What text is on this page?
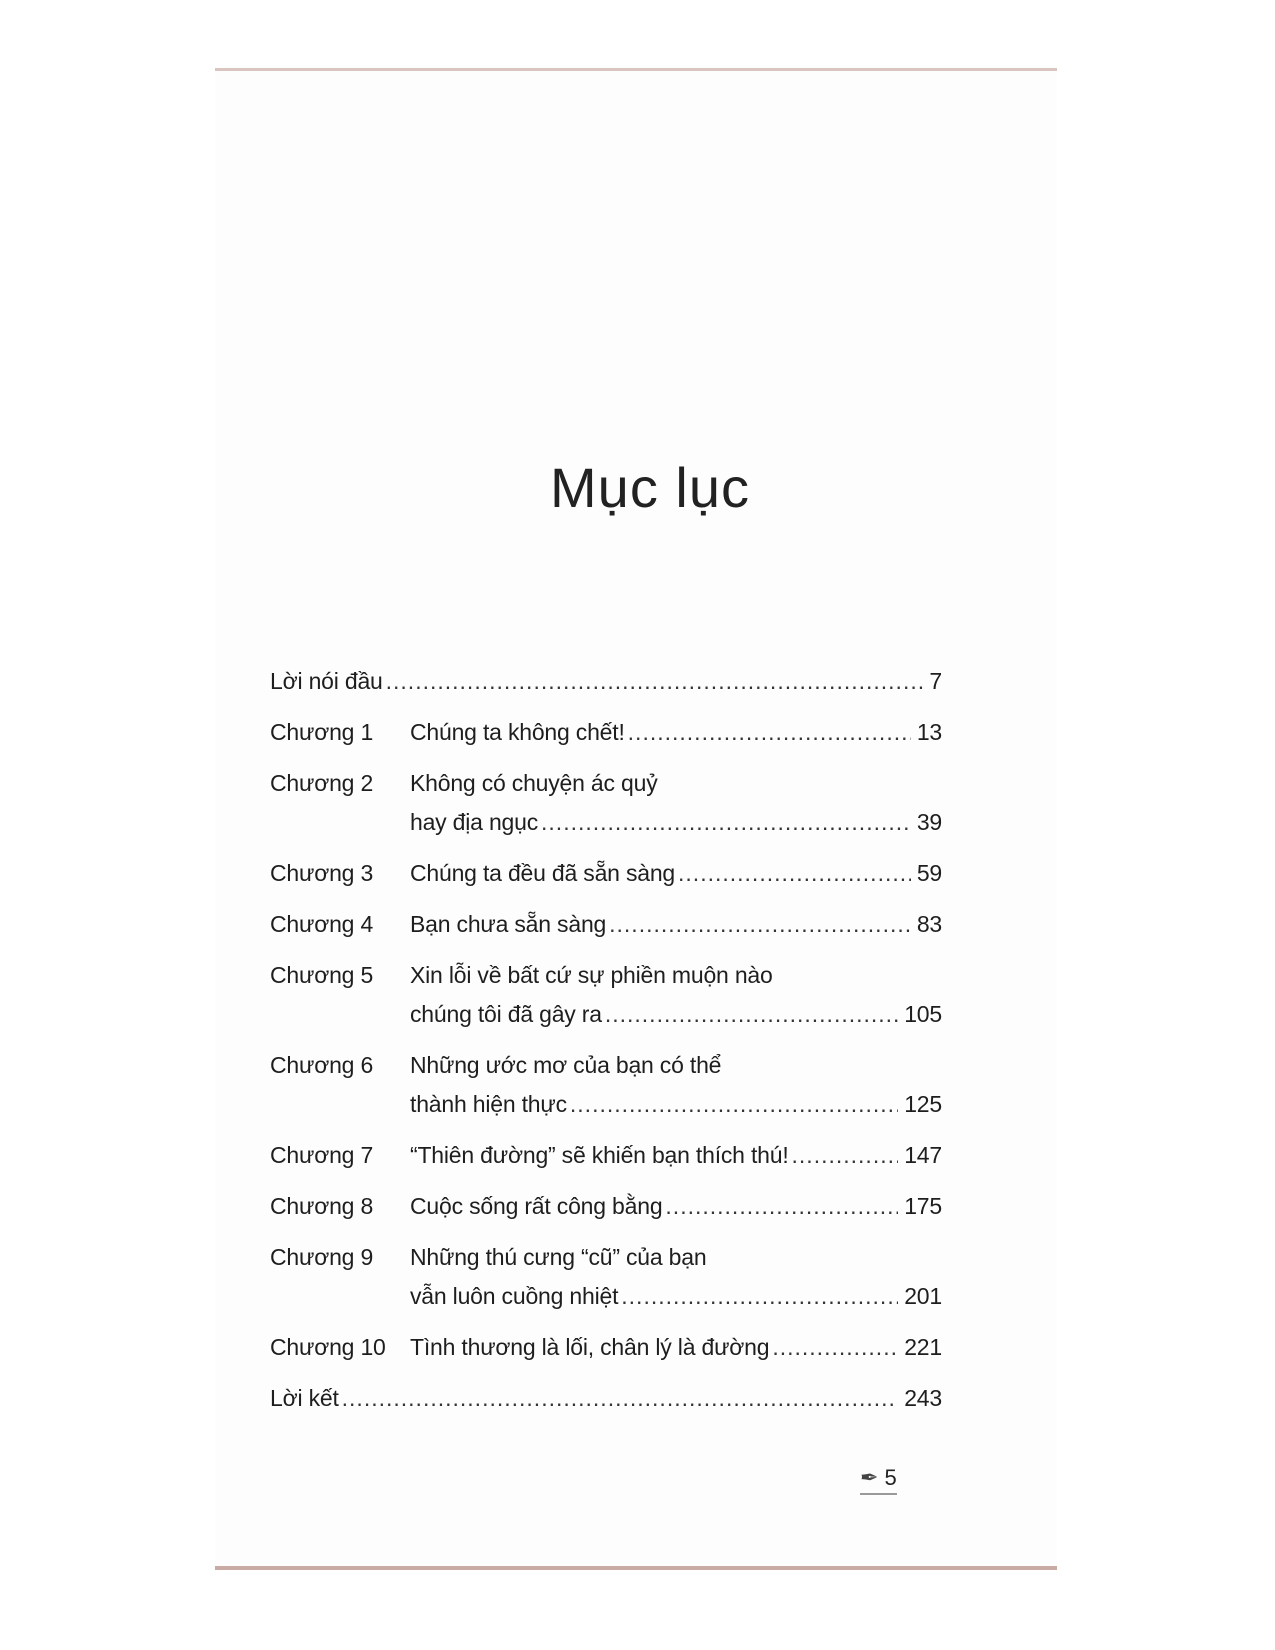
Mục lục
Lời nói đầu .....	7
Chương 1 Chúng ta không chết! .....	13
Chương 2 Không có chuyện ác quỷ
hay địa ngục .....	39
Chương 3 Chúng ta đều đã sẵn sàng .....	59
Chương 4 Bạn chưa sẵn sàng .....	83
Chương 5 Xin lỗi về bất cứ sự phiền muộn nào
chúng tôi đã gây ra .....	105
Chương 6 Những ước mơ của bạn có thể
thành hiện thực .....	125
Chương 7 “Thiên đường” sẽ khiến bạn thích thú! .....	147
Chương 8 Cuộc sống rất công bằng .....	175
Chương 9 Những thú cưng “cũ” của bạn
vẫn luôn cuồng nhiệt .....	201
Chương 10 Tình thương là lối, chân lý là đường .....	221
Lời kết .....	243
✒ 5
